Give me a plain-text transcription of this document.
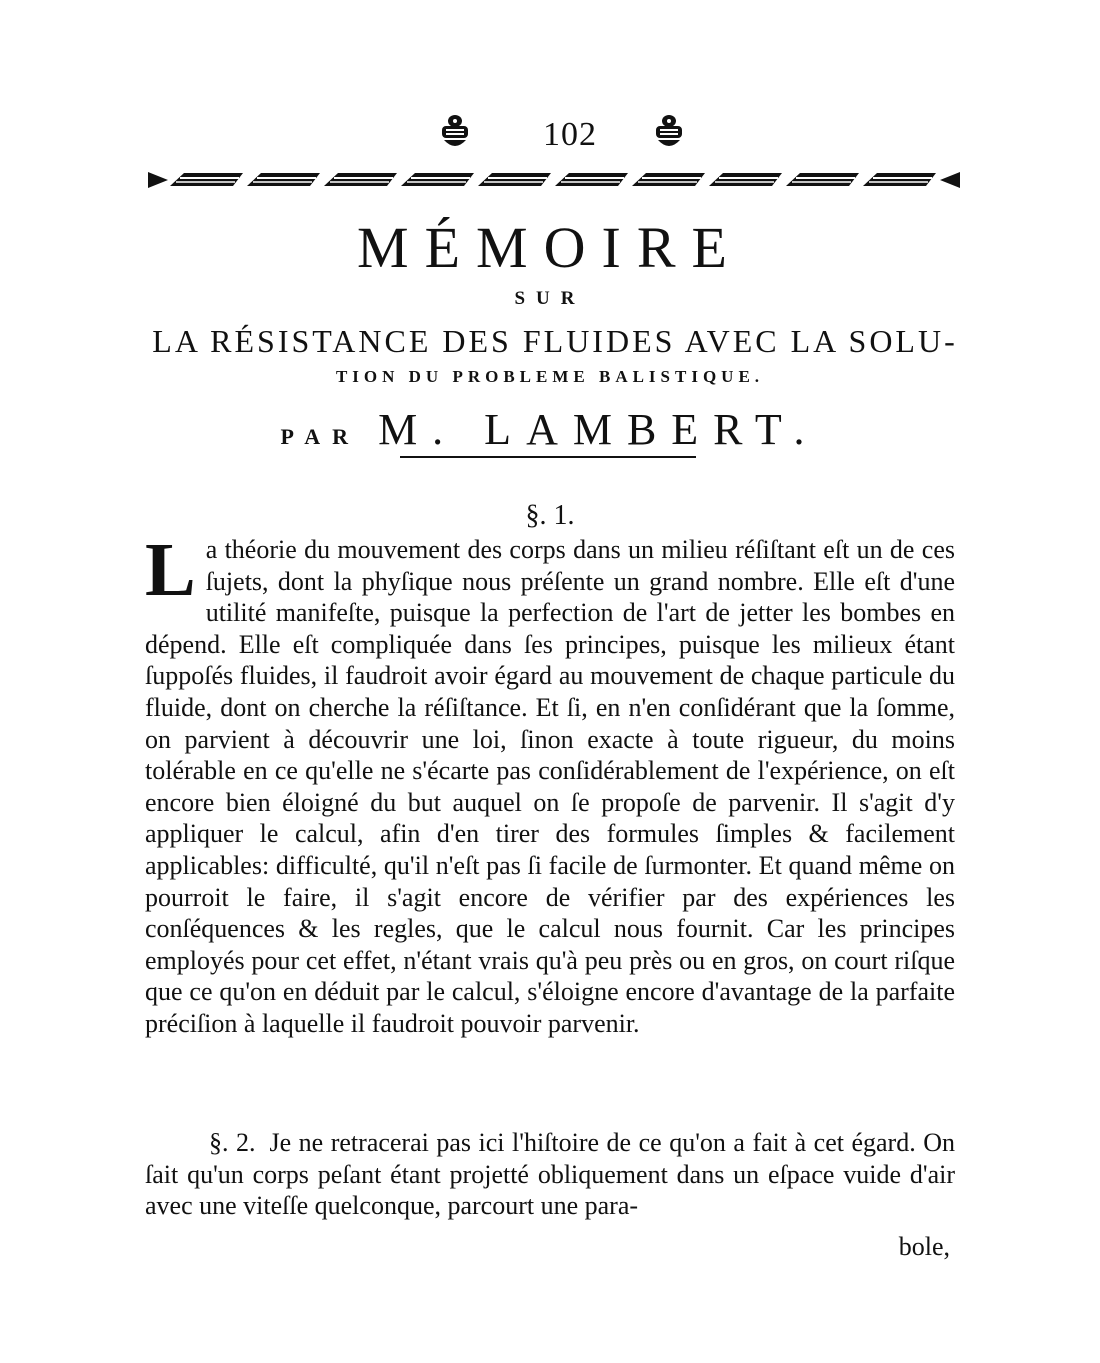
102
MÉMOIRE
SUR
LA RÉSISTANCE DES FLUIDES AVEC LA SOLU-
TION DU PROBLEME BALISTIQUE.
PAR M. LAMBERT.
§. 1.
La théorie du mouvement des corps dans un milieu réſiſtant eſt un de ces ſujets, dont la phyſique nous préſente un grand nombre. Elle eſt d'une utilité manifeſte, puisque la perfection de l'art de jetter les bombes en dépend. Elle eſt compliquée dans ſes principes, puisque les milieux étant ſuppoſés fluides, il faudroit avoir égard au mouvement de chaque particule du fluide, dont on cherche la réſiſtance. Et ſi, en n'en conſidérant que la ſomme, on parvient à découvrir une loi, ſinon exacte à toute rigueur, du moins tolérable en ce qu'elle ne s'écarte pas conſidérablement de l'expérience, on eſt encore bien éloigné du but auquel on ſe propoſe de parvenir. Il s'agit d'y appliquer le calcul, afin d'en tirer des formules ſimples & facilement applicables: difficulté, qu'il n'eſt pas ſi facile de ſurmonter. Et quand même on pourroit le faire, il s'agit encore de vérifier par des expériences les conſéquences & les regles, que le calcul nous fournit. Car les principes employés pour cet effet, n'étant vrais qu'à peu près ou en gros, on court riſque que ce qu'on en déduit par le calcul, s'éloigne encore d'avantage de la parfaite préciſion à laquelle il faudroit pouvoir parvenir.
§. 2. Je ne retracerai pas ici l'hiſtoire de ce qu'on a fait à cet égard. On ſait qu'un corps peſant étant projetté obliquement dans un eſpace vuide d'air avec une viteſſe quelconque, parcourt une para-
bole,
